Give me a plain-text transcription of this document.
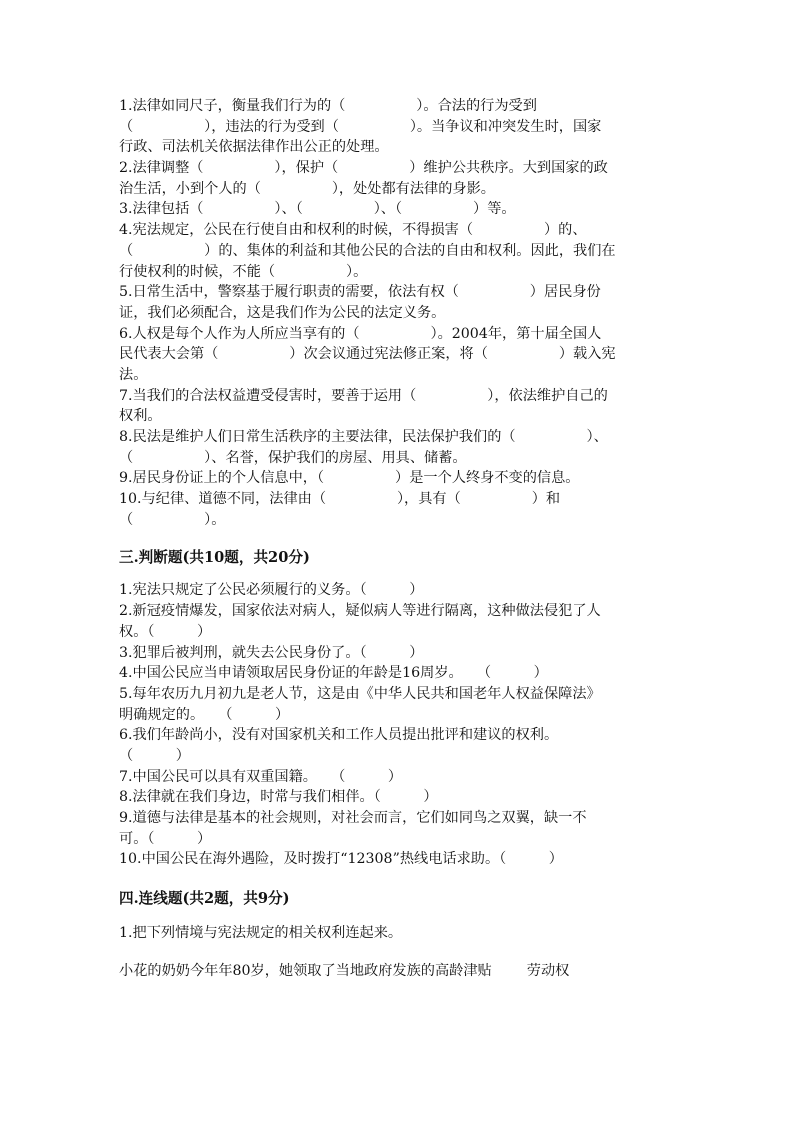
1.法律如同尺子，衡量我们行为的（　　　　　）。合法的行为受到
（　　　　　），违法的行为受到（　　　　　）。当争议和冲突发生时，国家
行政、司法机关依据法律作出公正的处理。
2.法律调整（　　　　　），保护（　　　　　）维护公共秩序。大到国家的政
治生活，小到个人的（　　　　　），处处都有法律的身影。
3.法律包括（　　　　　）、（　　　　　）、（　　　　　）等。
4.宪法规定，公民在行使自由和权利的时候，不得损害（　　　　　）的、
（　　　　　）的、集体的利益和其他公民的合法的自由和权利。因此，我们在
行使权利的时候，不能（　　　　　）。
5.日常生活中，警察基于履行职责的需要，依法有权（　　　　　）居民身份
证，我们必须配合，这是我们作为公民的法定义务。
6.人权是每个人作为人所应当享有的（　　　　　）。2004年，第十届全国人
民代表大会第（　　　　　）次会议通过宪法修正案，将（　　　　　）载入宪
法。
7.当我们的合法权益遭受侵害时，要善于运用（　　　　　），依法维护自己的
权利。
8.民法是维护人们日常生活秩序的主要法律，民法保护我们的（　　　　　）、
（　　　　　）、名誉，保护我们的房屋、用具、储蓄。
9.居民身份证上的个人信息中，（　　　　　）是一个人终身不变的信息。
10.与纪律、道德不同，法律由（　　　　　），具有（　　　　　）和
（　　　　　）。
三.判断题(共10题，共20分)
1.宪法只规定了公民必须履行的义务。（　　　）
2.新冠疫情爆发，国家依法对病人，疑似病人等进行隔离，这种做法侵犯了人
权。（　　　）
3.犯罪后被判刑，就失去公民身份了。（　　　）
4.中国公民应当申请领取居民身份证的年龄是16周岁。　　（　　　）
5.每年农历九月初九是老人节，这是由《中华人民共和国老年人权益保障法》
明确规定的。　　（　　　）
6.我们年龄尚小，没有对国家机关和工作人员提出批评和建议的权利。
（　　　）
7.中国公民可以具有双重国籍。　　（　　　）
8.法律就在我们身边，时常与我们相伴。（　　　）
9.道德与法律是基本的社会规则，对社会而言，它们如同鸟之双翼，缺一不
可。（　　　）
10.中国公民在海外遇险，及时拨打“12308”热线电话求助。（　　　）
四.连线题(共2题，共9分)
1.把下列情境与宪法规定的相关权利连起来。
小花的奶奶今年年80岁，她领取了当地政府发族的高龄津贴 劳动权
